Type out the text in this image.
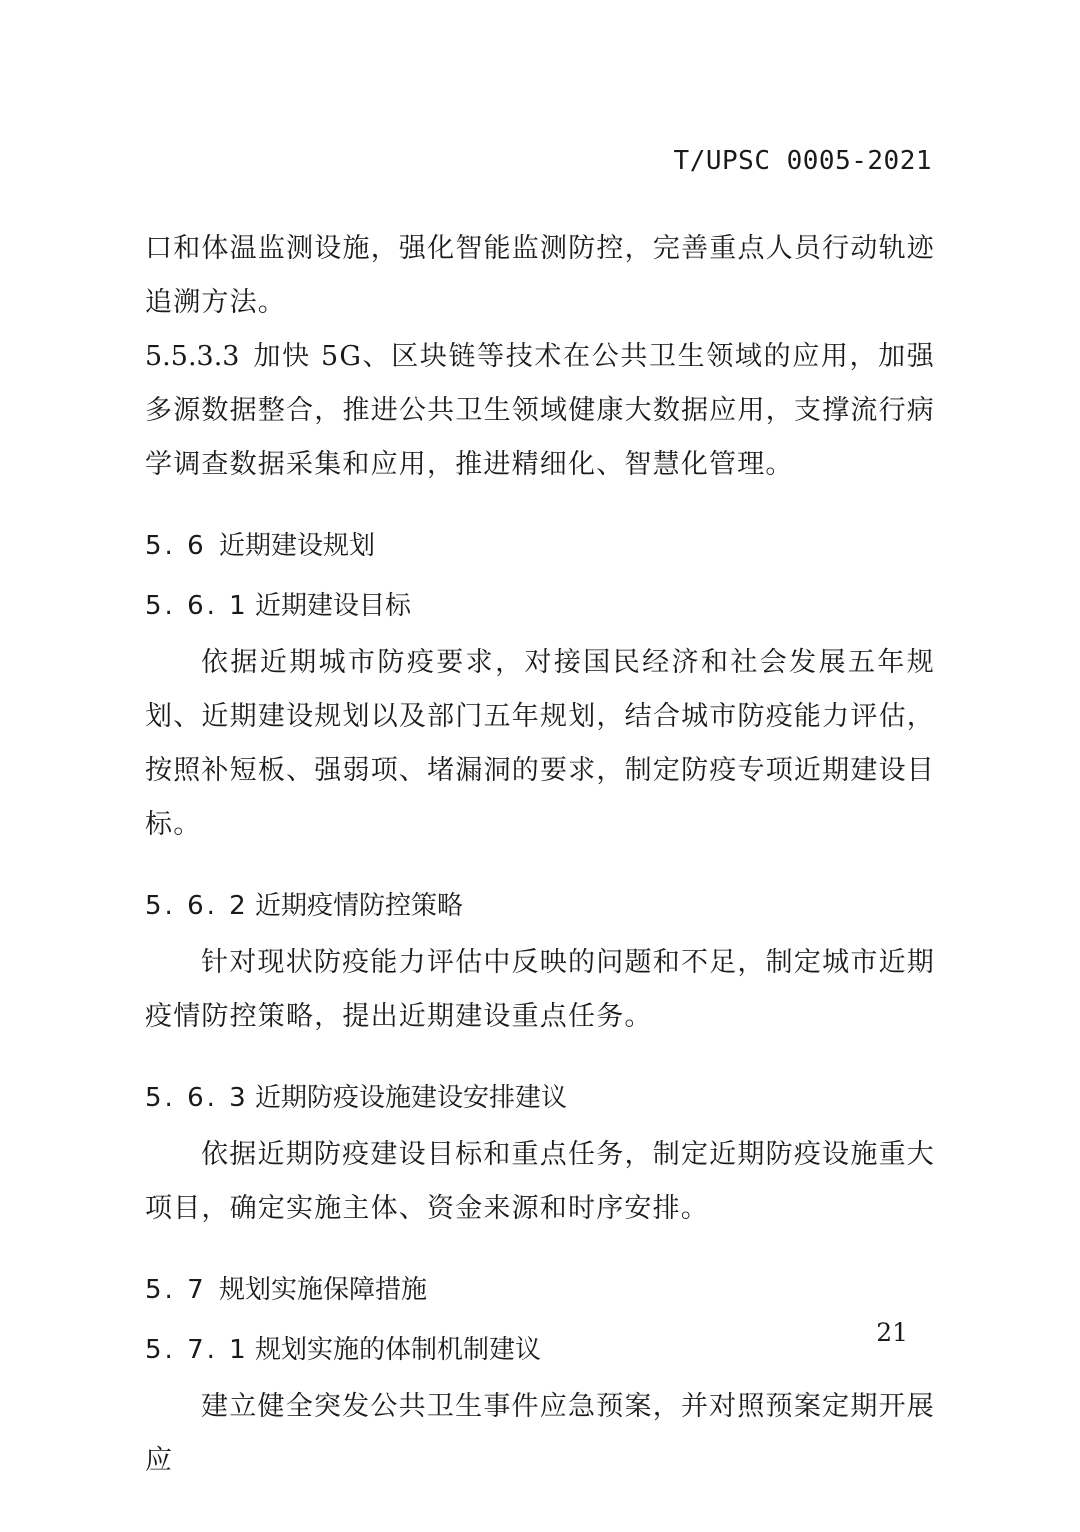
T/UPSC 0005-2021

口和体温监测设施，强化智能监测防控，完善重点人员行动轨迹追溯方法。

5.5.3.3 加快 5G、区块链等技术在公共卫生领域的应用，加强多源数据整合，推进公共卫生领域健康大数据应用，支撑流行病学调查数据采集和应用，推进精细化、智慧化管理。

5. 6 近期建设规划
5. 6. 1 近期建设目标

依据近期城市防疫要求，对接国民经济和社会发展五年规划、近期建设规划以及部门五年规划，结合城市防疫能力评估，按照补短板、强弱项、堵漏洞的要求，制定防疫专项近期建设目标。

5. 6. 2 近期疫情防控策略

针对现状防疫能力评估中反映的问题和不足，制定城市近期疫情防控策略，提出近期建设重点任务。

5. 6. 3 近期防疫设施建设安排建议

依据近期防疫建设目标和重点任务，制定近期防疫设施重大项目，确定实施主体、资金来源和时序安排。

5. 7 规划实施保障措施
5. 7. 1 规划实施的体制机制建议

建立健全突发公共卫生事件应急预案，并对照预案定期开展应

21
